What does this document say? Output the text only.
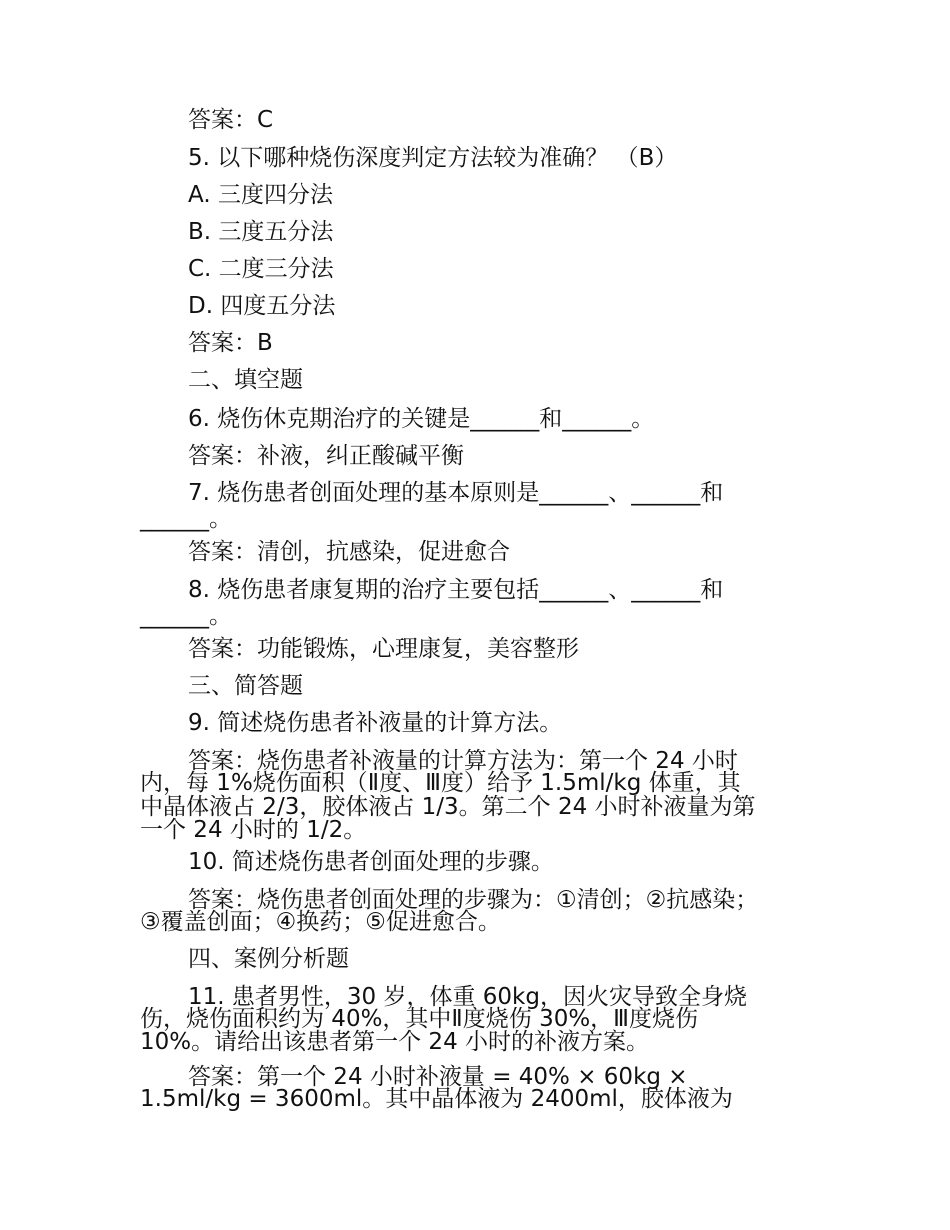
答案：C
5. 以下哪种烧伤深度判定方法较为准确？ （B）
A. 三度四分法
B. 三度五分法
C. 二度三分法
D. 四度五分法
答案：B
二、填空题
6. 烧伤休克期治疗的关键是______和______。
答案：补液，纠正酸碱平衡
7. 烧伤患者创面处理的基本原则是______、______和
______。
答案：清创，抗感染，促进愈合
8. 烧伤患者康复期的治疗主要包括______、______和
______。
答案：功能锻炼，心理康复，美容整形
三、简答题
9. 简述烧伤患者补液量的计算方法。
答案：烧伤患者补液量的计算方法为：第一个 24 小时
内，每 1%烧伤面积（Ⅱ度、Ⅲ度）给予 1.5ml/kg 体重，其
中晶体液占 2/3，胶体液占 1/3。第二个 24 小时补液量为第
一个 24 小时的 1/2。
10. 简述烧伤患者创面处理的步骤。
答案：烧伤患者创面处理的步骤为：①清创；②抗感染；
③覆盖创面；④换药；⑤促进愈合。
四、案例分析题
11. 患者男性，30 岁，体重 60kg，因火灾导致全身烧
伤，烧伤面积约为 40%，其中Ⅱ度烧伤 30%，Ⅲ度烧伤
10%。请给出该患者第一个 24 小时的补液方案。
答案：第一个 24 小时补液量 = 40% × 60kg ×
1.5ml/kg = 3600ml。其中晶体液为 2400ml，胶体液为
